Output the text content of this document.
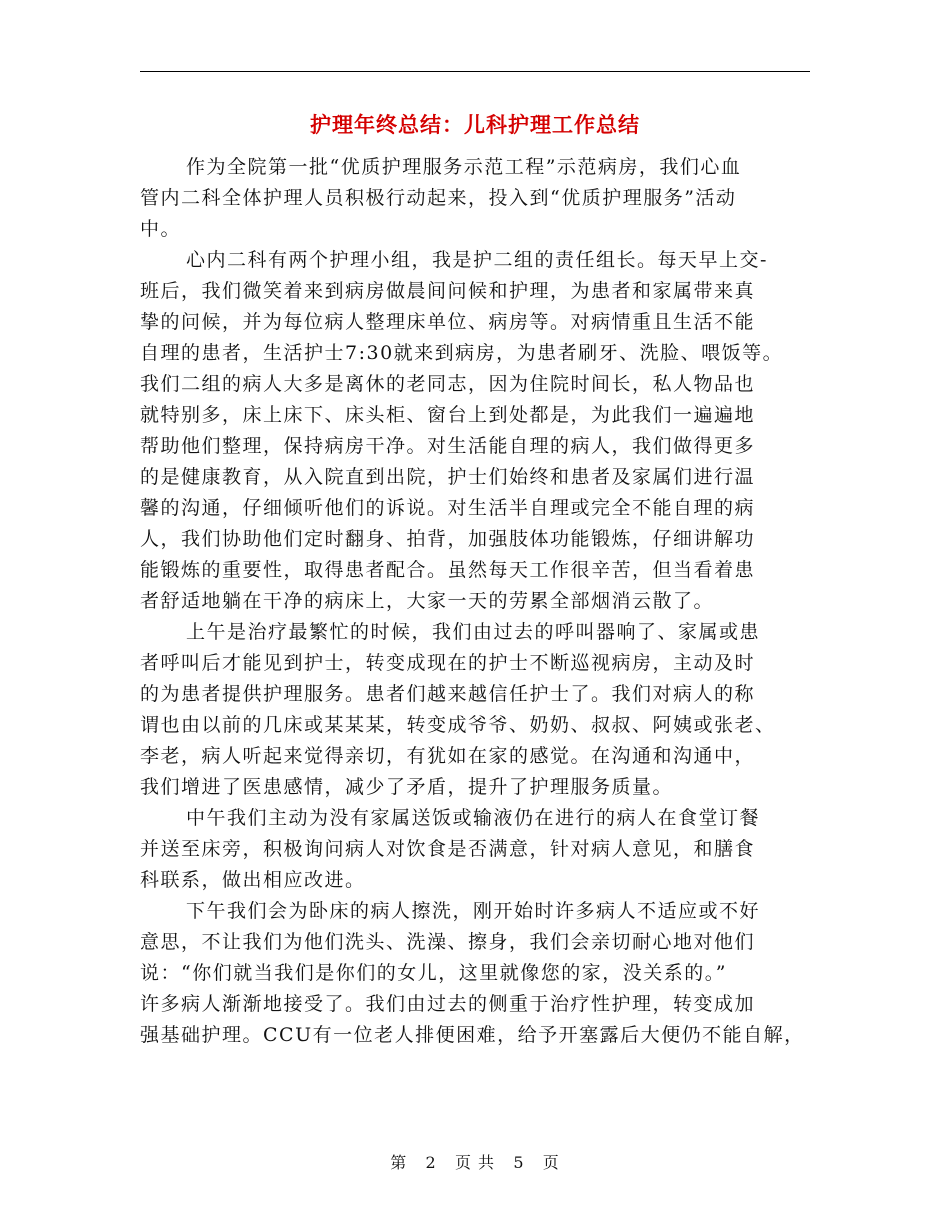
护理年终总结：儿科护理工作总结
作为全院第一批“优质护理服务示范工程”示范病房，我们心血
管内二科全体护理人员积极行动起来，投入到“优质护理服务”活动
中。
心内二科有两个护理小组，我是护二组的责任组长。每天早上交-
班后，我们微笑着来到病房做晨间问候和护理，为患者和家属带来真
挚的问候，并为每位病人整理床单位、病房等。对病情重且生活不能
自理的患者，生活护士7:30就来到病房，为患者刷牙、洗脸、喂饭等。
我们二组的病人大多是离休的老同志，因为住院时间长，私人物品也
就特别多，床上床下、床头柜、窗台上到处都是，为此我们一遍遍地
帮助他们整理，保持病房干净。对生活能自理的病人，我们做得更多
的是健康教育，从入院直到出院，护士们始终和患者及家属们进行温
馨的沟通，仔细倾听他们的诉说。对生活半自理或完全不能自理的病
人，我们协助他们定时翻身、拍背，加强肢体功能锻炼，仔细讲解功
能锻炼的重要性，取得患者配合。虽然每天工作很辛苦，但当看着患
者舒适地躺在干净的病床上，大家一天的劳累全部烟消云散了。
上午是治疗最繁忙的时候，我们由过去的呼叫器响了、家属或患
者呼叫后才能见到护士，转变成现在的护士不断巡视病房，主动及时
的为患者提供护理服务。患者们越来越信任护士了。我们对病人的称
谓也由以前的几床或某某某，转变成爷爷、奶奶、叔叔、阿姨或张老、
李老，病人听起来觉得亲切，有犹如在家的感觉。在沟通和沟通中，
我们增进了医患感情，减少了矛盾，提升了护理服务质量。
中午我们主动为没有家属送饭或输液仍在进行的病人在食堂订餐
并送至床旁，积极询问病人对饮食是否满意，针对病人意见，和膳食
科联系，做出相应改进。
下午我们会为卧床的病人擦洗，刚开始时许多病人不适应或不好
意思，不让我们为他们洗头、洗澡、擦身，我们会亲切耐心地对他们
说：“你们就当我们是你们的女儿，这里就像您的家，没关系的。”
许多病人渐渐地接受了。我们由过去的侧重于治疗性护理，转变成加
强基础护理。CCU有一位老人排便困难，给予开塞露后大便仍不能自解，
第 2 页 共 5 页
